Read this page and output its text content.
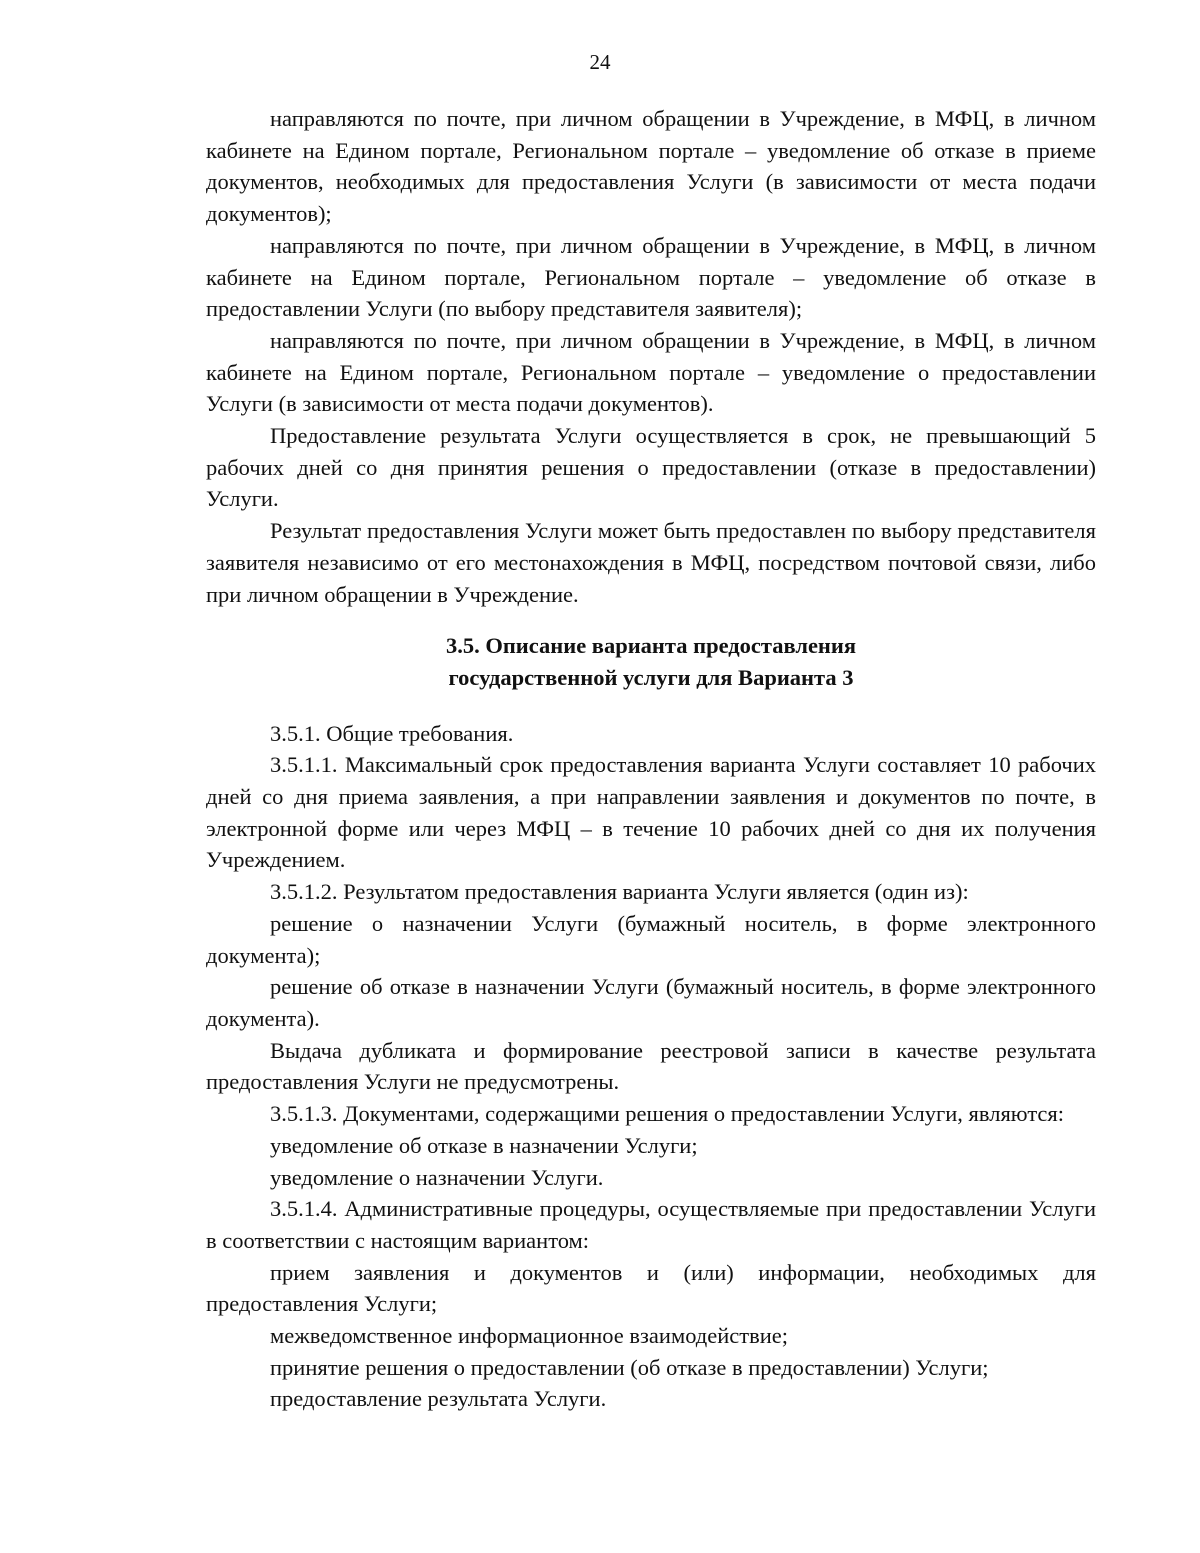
24

направляются по почте, при личном обращении в Учреждение, в МФЦ, в личном кабинете на Едином портале, Региональном портале – уведомление об отказе в приеме документов, необходимых для предоставления Услуги (в зависимости от места подачи документов);

направляются по почте, при личном обращении в Учреждение, в МФЦ, в личном кабинете на Едином портале, Региональном портале – уведомление об отказе в предоставлении Услуги (по выбору представителя заявителя);

направляются по почте, при личном обращении в Учреждение, в МФЦ, в личном кабинете на Едином портале, Региональном портале – уведомление о предоставлении Услуги (в зависимости от места подачи документов).

Предоставление результата Услуги осуществляется в срок, не превышающий 5 рабочих дней со дня принятия решения о предоставлении (отказе в предоставлении) Услуги.

Результат предоставления Услуги может быть предоставлен по выбору представителя заявителя независимо от его местонахождения в МФЦ, посредством почтовой связи, либо при личном обращении в Учреждение.

3.5. Описание варианта предоставления
государственной услуги для Варианта 3

3.5.1. Общие требования.

3.5.1.1. Максимальный срок предоставления варианта Услуги составляет 10 рабочих дней со дня приема заявления, а при направлении заявления и документов по почте, в электронной форме или через МФЦ – в течение 10 рабочих дней со дня их получения Учреждением.

3.5.1.2. Результатом предоставления варианта Услуги является (один из):

решение о назначении Услуги (бумажный носитель, в форме электронного документа);

решение об отказе в назначении Услуги (бумажный носитель, в форме электронного документа).

Выдача дубликата и формирование реестровой записи в качестве результата предоставления Услуги не предусмотрены.

3.5.1.3. Документами, содержащими решения о предоставлении Услуги, являются:

уведомление об отказе в назначении Услуги;

уведомление о назначении Услуги.

3.5.1.4. Административные процедуры, осуществляемые при предоставлении Услуги в соответствии с настоящим вариантом:

прием заявления и документов и (или) информации, необходимых для предоставления Услуги;

межведомственное информационное взаимодействие;

принятие решения о предоставлении (об отказе в предоставлении) Услуги;

предоставление результата Услуги.
